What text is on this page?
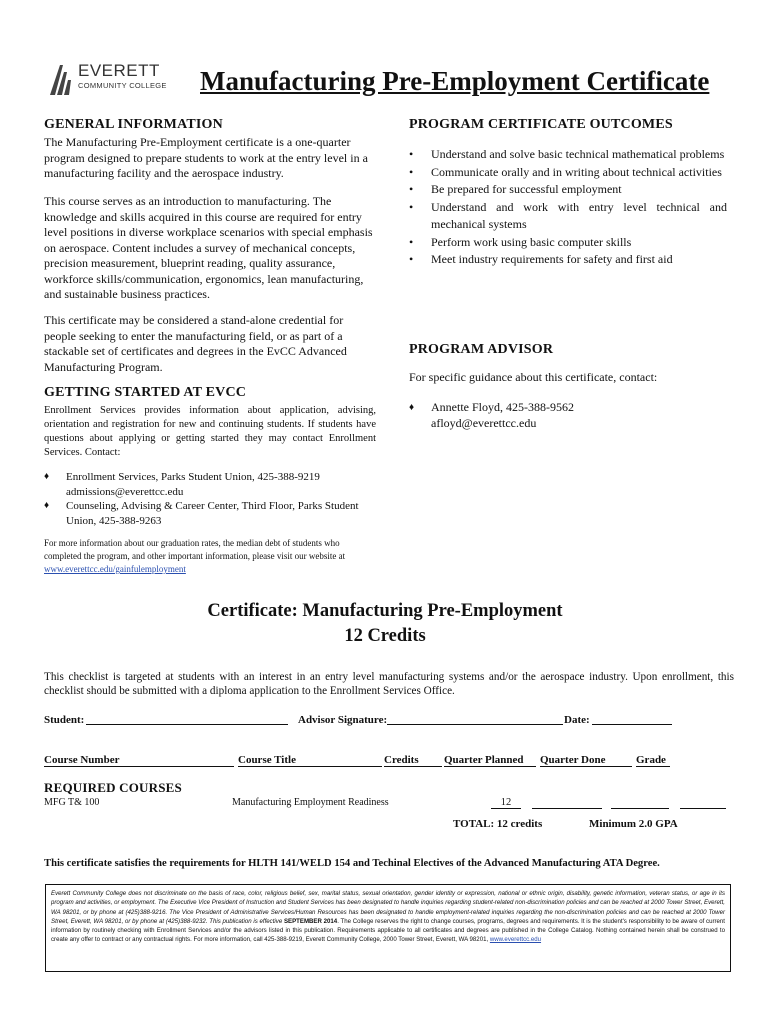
EVERETT
COMMUNITY COLLEGE Manufacturing Pre-Employment Certificate
GENERAL INFORMATION
The Manufacturing Pre-Employment certificate is a one-quarter program designed to prepare students to work at the entry level in a manufacturing facility and the aerospace industry.
This course serves as an introduction to manufacturing. The knowledge and skills acquired in this course are required for entry level positions in diverse workplace scenarios with special emphasis on aerospace. Content includes a survey of mechanical concepts, precision measurement, blueprint reading, quality assurance, workforce skills/communication, ergonomics, lean manufacturing, and sustainable business practices.
This certificate may be considered a stand-alone credential for people seeking to enter the manufacturing field, or as part of a stackable set of certificates and degrees in the EvCC Advanced Manufacturing Program.
GETTING STARTED AT EVCC
Enrollment Services provides information about application, advising, orientation and registration for new and continuing students. If students have questions about applying or getting started they may contact Enrollment Services. Contact:
♦ Enrollment Services, Parks Student Union, 425-388-9219
admissions@everettcc.edu
♦ Counseling, Advising & Career Center, Third Floor, Parks Student Union, 425-388-9263
For more information about our graduation rates, the median debt of students who completed the program, and other important information, please visit our website at www.everettcc.edu/gainfulemployment
PROGRAM CERTIFICATE OUTCOMES
• Understand and solve basic technical mathematical problems
• Communicate orally and in writing about technical activities
• Be prepared for successful employment
• Understand and work with entry level technical and mechanical systems
• Perform work using basic computer skills
• Meet industry requirements for safety and first aid
PROGRAM ADVISOR
For specific guidance about this certificate, contact:
♦ Annette Floyd, 425-388-9562
afloyd@everettcc.edu
Certificate: Manufacturing Pre-Employment
12 Credits
This checklist is targeted at students with an interest in an entry level manufacturing systems and/or the aerospace industry. Upon enrollment, this checklist should be submitted with a diploma application to the Enrollment Services Office.
Student:	Advisor Signature:	Date:
Course Number	Course Title	Credits	Quarter Planned	Quarter Done	Grade
REQUIRED COURSES
MFG T& 100	Manufacturing Employment Readiness	12
TOTAL: 12 credits	Minimum 2.0 GPA
This certificate satisfies the requirements for HLTH 141/WELD 154 and Techinal Electives of the Advanced Manufacturing ATA Degree.
Everett Community College does not discriminate on the basis of race, color, religious belief, sex, marital status, sexual orientation, gender identity or expression, national or ethnic origin, disability, genetic information, veteran status, or age in its program and activities, or employment. The Executive Vice President of Instruction and Student Services has been designated to handle inquiries regarding student-related non-discrimination policies and can be reached at 2000 Tower Street, Everett, WA 98201, or by phone at (425)388-9216. The Vice President of Administrative Services/Human Resources has been designated to handle employment-related inquiries regarding the non-discrimination policies and can be reached at 2000 Tower Street, Everett, WA 98201, or by phone at (425)388-9232. This publication is effective SEPTEMBER 2014. The College reserves the right to change courses, programs, degrees and requirements. It is the student's responsibility to be aware of current information by routinely checking with Enrollment Services and/or the advisors listed in this publication. Requirements applicable to all certificates and degrees are published in the College Catalog. Nothing contained herein shall be construed to create any offer to contract or any contractual rights. For more information, call 425-388-9219, Everett Community College, 2000 Tower Street, Everett, WA 98201, www.everettcc.edu
